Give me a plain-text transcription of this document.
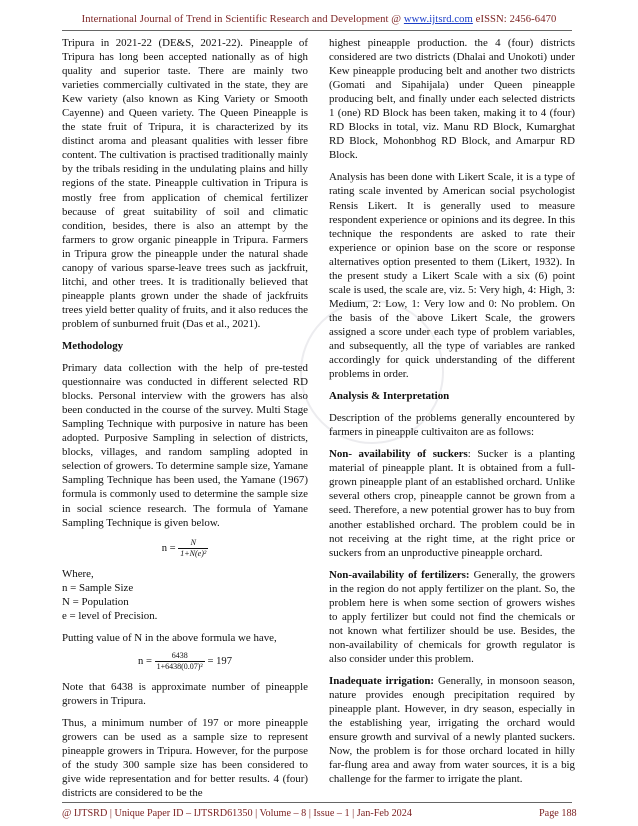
International Journal of Trend in Scientific Research and Development @ www.ijtsrd.com eISSN: 2456-6470

Tripura in 2021-22 (DE&S, 2021-22). Pineapple of Tripura has long been accepted nationally as of high quality and superior taste. There are mainly two varieties commercially cultivated in the state, they are Kew variety (also known as King Variety or Smooth Cayenne) and Queen variety. The Queen Pineapple is the state fruit of Tripura, it is characterized by its distinct aroma and pleasant qualities with lesser fibre content. The cultivation is practised traditionally mainly by the tribals residing in the undulating plains and hilly regions of the state. Pineapple cultivation in Tripura is mostly free from application of chemical fertilizer because of great suitability of soil and climatic condition, besides, there is also an attempt by the farmers to grow organic pineapple in Tripura. Farmers in Tripura grow the pineapple under the natural shade canopy of various sparse-leave trees such as jackfruit, litchi, and other trees. It is traditionally believed that pineapple plants grown under the shade of jackfruits trees yield better quality of fruits, and it also reduces the problem of sunburned fruit (Das et al., 2021).

Methodology

Primary data collection with the help of pre-tested questionnaire was conducted in different selected RD blocks. Personal interview with the growers has also been conducted in the course of the survey. Multi Stage Sampling Technique with purposive in nature has been adopted. Purposive Sampling in selection of districts, blocks, villages, and random sampling adopted in selection of growers. To determine sample size, Yamane Sampling Technique has been used, the Yamane (1967) formula is commonly used to determine the sample size in social science research. The formula of Yamane Sampling Technique is given below.

$n = \frac{N}{\text{1+N(e)²}}$

Where,

n = Sample Size

N = Population

e = level of Precision.

Putting value of N in the above formula we have,

$n = \frac{6438}{\text{1+6438(0.07)²}} = 197$

Note that 6438 is approximate number of pineapple growers in Tripura.

Thus, a minimum number of 197 or more pineapple growers can be used as a sample size to represent pineapple growers in Tripura. However, for the purpose of the study 300 sample size has been considered to give wide representation and for better results. 4 (four) districts are considered to be the

highest pineapple production. the 4 (four) districts considered are two districts (Dhalai and Unokoti) under Kew pineapple producing belt and another two districts (Gomati and Sipahijala) under Queen pineapple producing belt, and finally under each selected districts 1 (one) RD Block has been taken, making it to 4 (four) RD Blocks in total, viz. Manu RD Block, Kumarghat RD Block, Mohonbhog RD Block, and Amarpur RD Block.

Analysis has been done with Likert Scale, it is a type of rating scale invented by American social psychologist Rensis Likert. It is generally used to measure respondent experience or opinions and its degree. In this technique the respondents are asked to rate their experience or opinion base on the score or response alternatives option presented to them (Likert, 1932). In the present study a Likert Scale with a six (6) point scale is used, the scale are, viz. 5: Very high, 4: High, 3: Medium, 2: Low, 1: Very low and 0: No problem. On the basis of the above Likert Scale, the growers assigned a score under each type of problem variables, and subsequently, all the type of variables are ranked accordingly for quick understanding of the different problems in order.

Analysis & Interpretation

Description of the problems generally encountered by farmers in pineapple cultivaiton are as follows:

Non- availability of suckers: Sucker is a planting material of pineapple plant. It is obtained from a full-grown pineapple plant of an established orchard. Unlike several others crop, pineapple cannot be grown from a seed. Therefore, a new potential grower has to buy from another established orchard. The problem could be in not receiving at the right time, at the right price or suckers from an unproductive pineapple orchard.

Non-availability of fertilizers: Generally, the growers in the region do not apply fertilizer on the plant. So, the problem here is when some section of growers wishes to apply fertilizer but could not find the chemicals or not known what fertilizer should be use. Besides, the non-availability of chemicals for growth regulator is also consider under this problem.

Inadequate irrigation: Generally, in monsoon season, nature provides enough precipitation required by pineapple plant. However, in dry season, especially in the establishing year, irrigating the orchard would ensure growth and survival of a newly planted suckers. Now, the problem is for those orchard located in hilly far-flung area and away from water sources, it is a big challenge for the farmer to irrigate the plant.

@ IJTSRD | Unique Paper ID – IJTSRD61350 | Volume – 8 | Issue – 1 | Jan-Feb 2024	Page 188
